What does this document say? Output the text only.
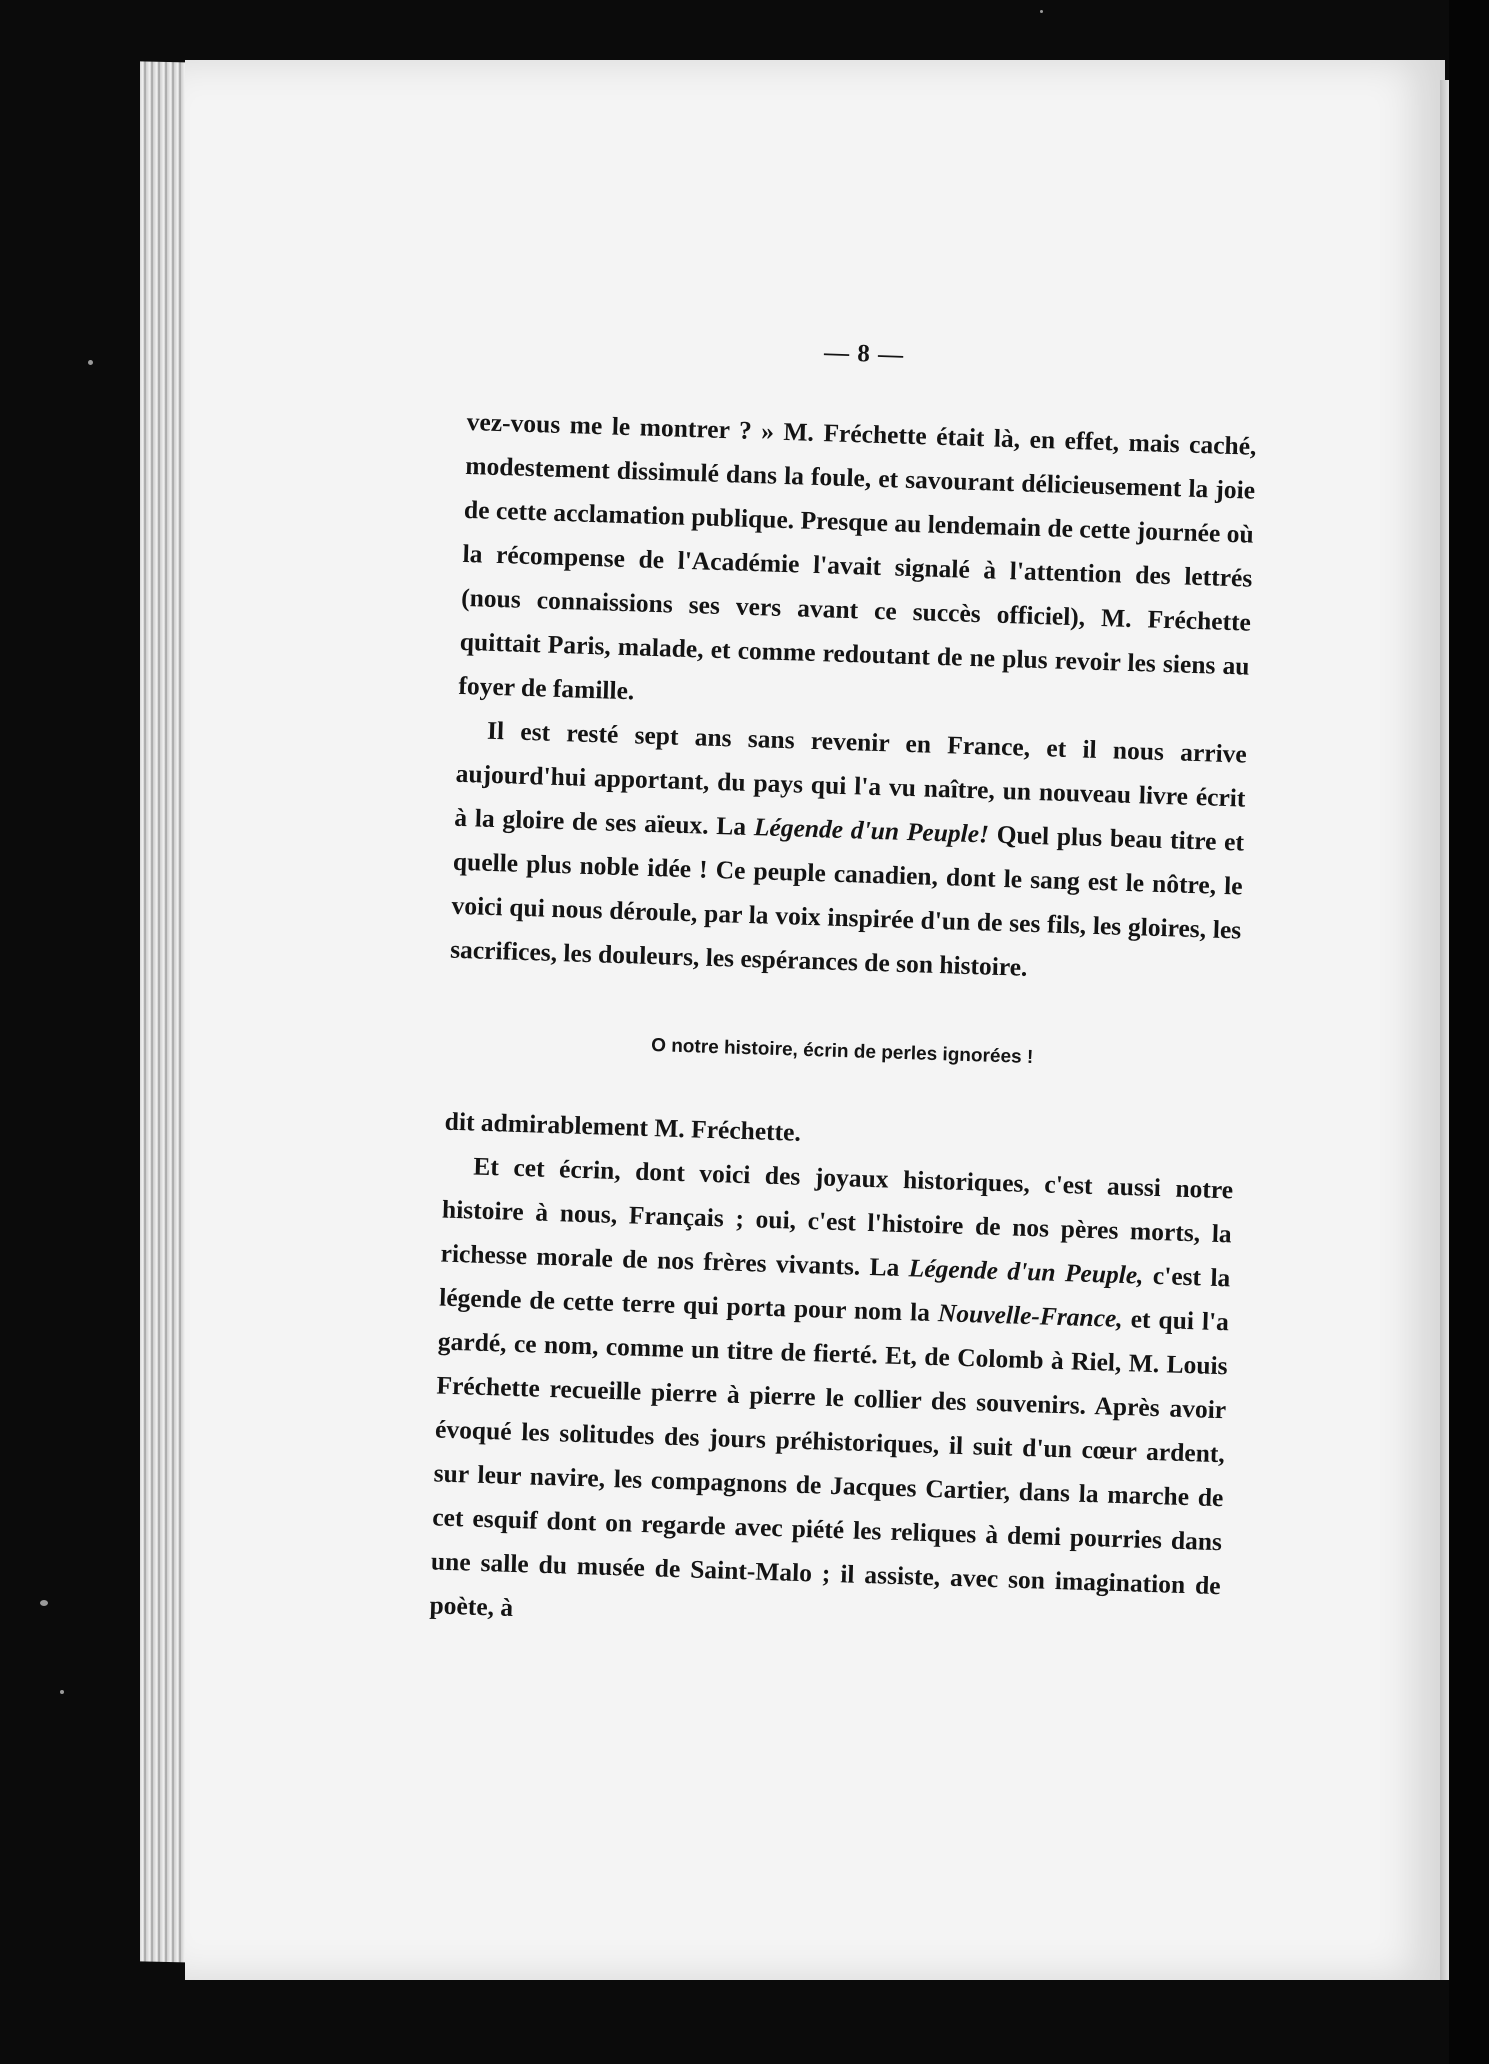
— 8 —

vez-vous me le montrer ? » M. Fréchette était là, en effet, mais caché, modestement dissimulé dans la foule, et savourant délicieusement la joie de cette acclamation publique. Presque au lendemain de cette journée où la récompense de l'Académie l'avait signalé à l'attention des lettrés (nous connaissions ses vers avant ce succès officiel), M. Fréchette quittait Paris, malade, et comme redoutant de ne plus revoir les siens au foyer de famille.

Il est resté sept ans sans revenir en France, et il nous arrive aujourd'hui apportant, du pays qui l'a vu naître, un nouveau livre écrit à la gloire de ses aïeux. La Légende d'un Peuple! Quel plus beau titre et quelle plus noble idée ! Ce peuple canadien, dont le sang est le nôtre, le voici qui nous déroule, par la voix inspirée d'un de ses fils, les gloires, les sacrifices, les douleurs, les espérances de son histoire.

O notre histoire, écrin de perles ignorées !

dit admirablement M. Fréchette.

Et cet écrin, dont voici des joyaux historiques, c'est aussi notre histoire à nous, Français ; oui, c'est l'histoire de nos pères morts, la richesse morale de nos frères vivants. La Légende d'un Peuple, c'est la légende de cette terre qui porta pour nom la Nouvelle-France, et qui l'a gardé, ce nom, comme un titre de fierté. Et, de Colomb à Riel, M. Louis Fréchette recueille pierre à pierre le collier des souvenirs. Après avoir évoqué les solitudes des jours préhistoriques, il suit d'un cœur ardent, sur leur navire, les compagnons de Jacques Cartier, dans la marche de cet esquif dont on regarde avec piété les reliques à demi pourries dans une salle du musée de Saint-Malo ; il assiste, avec son imagination de poète, à
